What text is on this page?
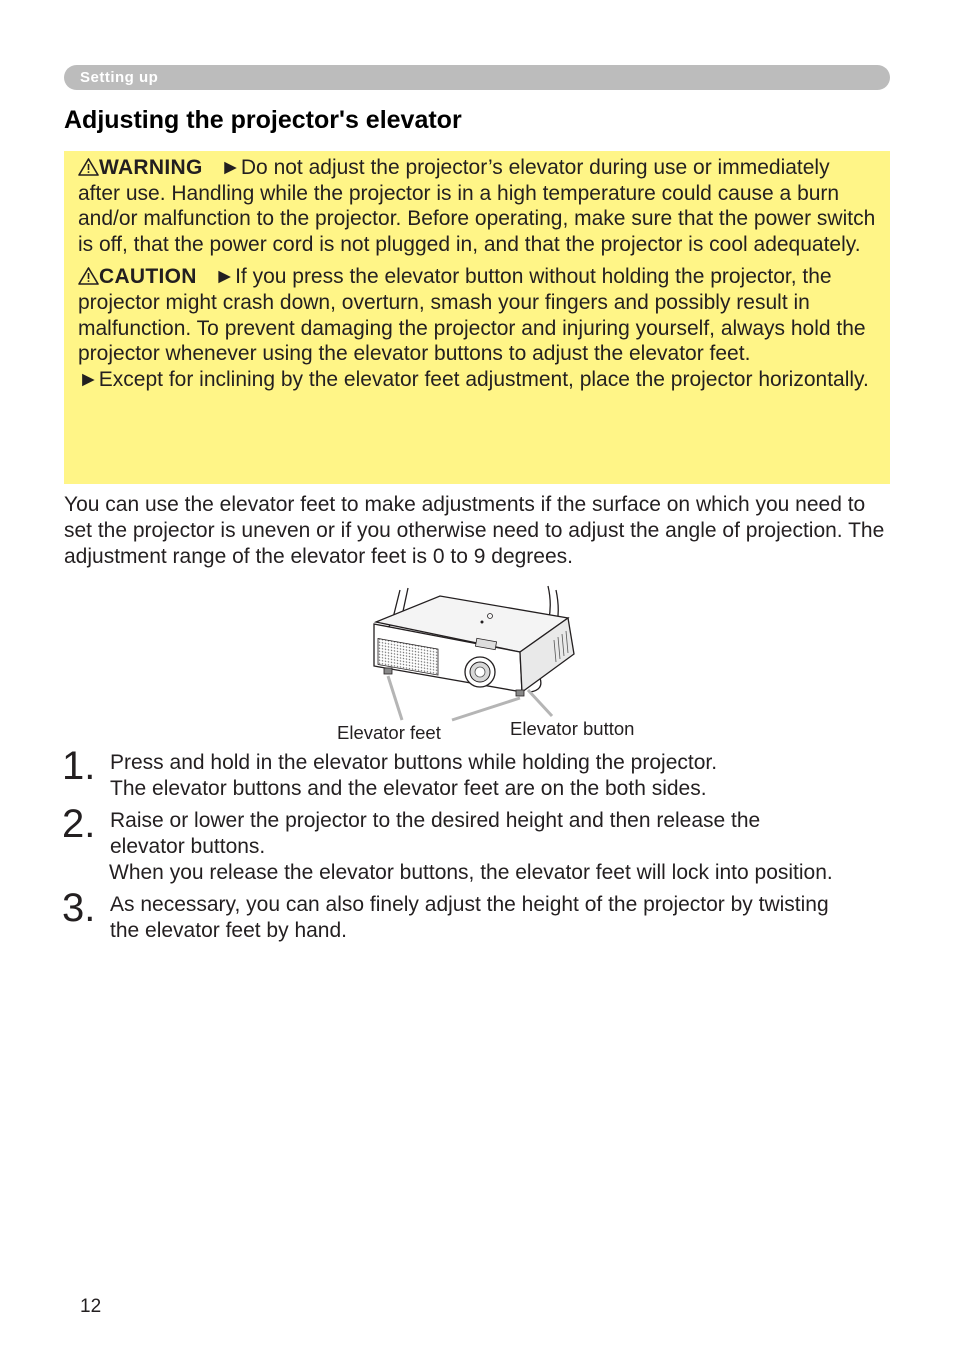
Setting up
Adjusting the projector's elevator

WARNING ►Do not adjust the projector’s elevator during use or immediately after use. Handling while the projector is in a high temperature could cause a burn and/or malfunction to the projector. Before operating, make sure that the power switch is off, that the power cord is not plugged in, and that the projector is cool adequately.

CAUTION ►If you press the elevator button without holding the projector, the projector might crash down, overturn, smash your fingers and possibly result in malfunction. To prevent damaging the projector and injuring yourself, always hold the projector whenever using the elevator buttons to adjust the elevator feet.

►Except for inclining by the elevator feet adjustment, place the projector horizontally.

You can use the elevator feet to make adjustments if the surface on which you need to set the projector is uneven or if you otherwise need to adjust the angle of projection. The adjustment range of the elevator feet is 0 to 9 degrees.

Elevator feet	Elevator button
1. Press and hold in the elevator buttons while holding the projector.
The elevator buttons and the elevator feet are on the both sides.
2. Raise or lower the projector to the desired height and then release the
elevator buttons.
When you release the elevator buttons, the elevator feet will lock into position.
3. As necessary, you can also finely adjust the height of the projector by twisting
the elevator feet by hand.
12
